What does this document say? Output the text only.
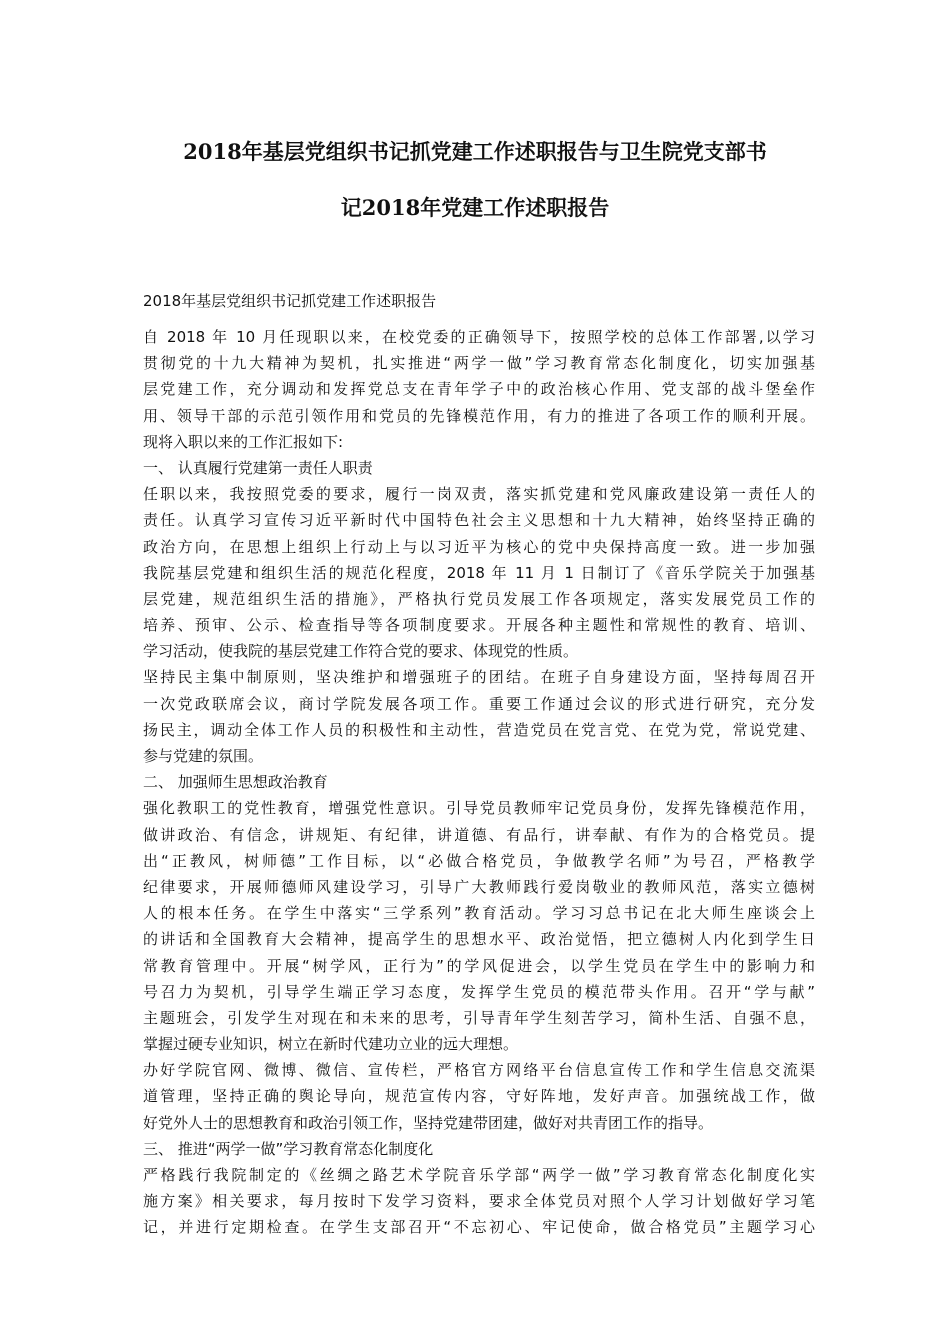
2018年基层党组织书记抓党建工作述职报告与卫生院党支部书
记2018年党建工作述职报告

2018年基层党组织书记抓党建工作述职报告

自 2018 年 10 月任现职以来，在校党委的正确领导下，按照学校的总体工作部署,以学习
贯彻党的十九大精神为契机，扎实推进“两学一做”学习教育常态化制度化，切实加强基
层党建工作，充分调动和发挥党总支在青年学子中的政治核心作用、党支部的战斗堡垒作
用、领导干部的示范引领作用和党员的先锋模范作用，有力的推进了各项工作的顺利开展。
现将入职以来的工作汇报如下:
一、 认真履行党建第一责任人职责
任职以来，我按照党委的要求，履行一岗双责，落实抓党建和党风廉政建设第一责任人的
责任。认真学习宣传习近平新时代中国特色社会主义思想和十九大精神，始终坚持正确的
政治方向，在思想上组织上行动上与以习近平为核心的党中央保持高度一致。进一步加强
我院基层党建和组织生活的规范化程度，2018 年 11 月 1 日制订了《音乐学院关于加强基
层党建，规范组织生活的措施》，严格执行党员发展工作各项规定，落实发展党员工作的
培养、预审、公示、检查指导等各项制度要求。开展各种主题性和常规性的教育、培训、
学习活动，使我院的基层党建工作符合党的要求、体现党的性质。
坚持民主集中制原则，坚决维护和增强班子的团结。在班子自身建设方面，坚持每周召开
一次党政联席会议，商讨学院发展各项工作。重要工作通过会议的形式进行研究，充分发
扬民主，调动全体工作人员的积极性和主动性，营造党员在党言党、在党为党，常说党建、
参与党建的氛围。
二、 加强师生思想政治教育
强化教职工的党性教育，增强党性意识。引导党员教师牢记党员身份，发挥先锋模范作用，
做讲政治、有信念，讲规矩、有纪律，讲道德、有品行，讲奉献、有作为的合格党员。提
出“正教风，树师德”工作目标，以“必做合格党员，争做教学名师”为号召，严格教学
纪律要求，开展师德师风建设学习，引导广大教师践行爱岗敬业的教师风范，落实立德树
人的根本任务。在学生中落实“三学系列”教育活动。学习习总书记在北大师生座谈会上
的讲话和全国教育大会精神，提高学生的思想水平、政治觉悟，把立德树人内化到学生日
常教育管理中。开展“树学风，正行为”的学风促进会，以学生党员在学生中的影响力和
号召力为契机，引导学生端正学习态度，发挥学生党员的模范带头作用。召开“学与献”
主题班会，引发学生对现在和未来的思考，引导青年学生刻苦学习，简朴生活、自强不息，
掌握过硬专业知识，树立在新时代建功立业的远大理想。
办好学院官网、微博、微信、宣传栏，严格官方网络平台信息宣传工作和学生信息交流渠
道管理，坚持正确的舆论导向，规范宣传内容，守好阵地，发好声音。加强统战工作，做
好党外人士的思想教育和政治引领工作，坚持党建带团建，做好对共青团工作的指导。
三、 推进“两学一做”学习教育常态化制度化
严格践行我院制定的《丝绸之路艺术学院音乐学部“两学一做”学习教育常态化制度化实
施方案》相关要求，每月按时下发学习资料，要求全体党员对照个人学习计划做好学习笔
记，并进行定期检查。在学生支部召开“不忘初心、牢记使命，做合格党员”主题学习心
